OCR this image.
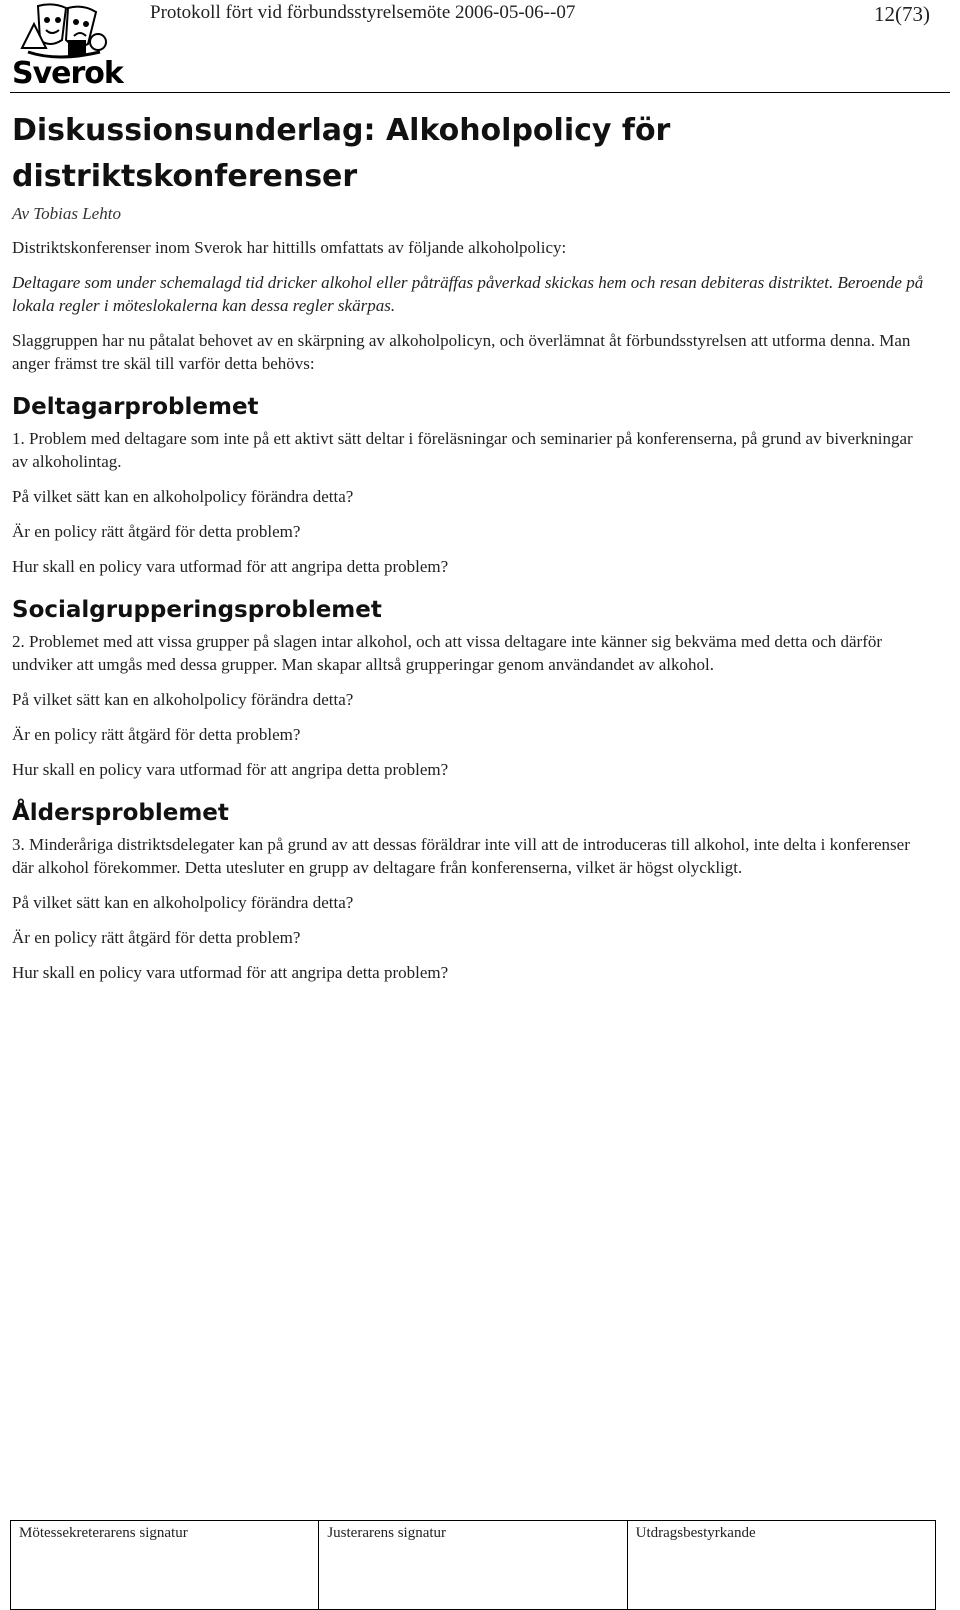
Sverok
Protokoll fört vid förbundsstyrelsemöte 2006-05-06--07	12(73)
Diskussionsunderlag: Alkoholpolicy för
distriktskonferenser
Av Tobias Lehto

Distriktskonferenser inom Sverok har hittills omfattats av följande alkoholpolicy:

Deltagare som under schemalagd tid dricker alkohol eller påträffas påverkad skickas hem och resan debiteras distriktet. Beroende på lokala regler i möteslokalerna kan dessa regler skärpas.

Slaggruppen har nu påtalat behovet av en skärpning av alkoholpolicyn, och överlämnat åt förbundsstyrelsen att utforma denna. Man anger främst tre skäl till varför detta behövs:

Deltagarproblemet

1. Problem med deltagare som inte på ett aktivt sätt deltar i föreläsningar och seminarier på konferenserna, på grund av biverkningar av alkoholintag.

På vilket sätt kan en alkoholpolicy förändra detta?

Är en policy rätt åtgärd för detta problem?

Hur skall en policy vara utformad för att angripa detta problem?

Socialgrupperingsproblemet

2. Problemet med att vissa grupper på slagen intar alkohol, och att vissa deltagare inte känner sig bekväma med detta och därför undviker att umgås med dessa grupper. Man skapar alltså grupperingar genom användandet av alkohol.

På vilket sätt kan en alkoholpolicy förändra detta?

Är en policy rätt åtgärd för detta problem?

Hur skall en policy vara utformad för att angripa detta problem?

Åldersproblemet

3. Minderåriga distriktsdelegater kan på grund av att dessas föräldrar inte vill att de introduceras till alkohol, inte delta i konferenser där alkohol förekommer. Detta utesluter en grupp av deltagare från konferenserna, vilket är högst olyckligt.

På vilket sätt kan en alkoholpolicy förändra detta?

Är en policy rätt åtgärd för detta problem?

Hur skall en policy vara utformad för att angripa detta problem?

Mötessekreterarens signatur	Justerarens signatur	Utdragsbestyrkande
